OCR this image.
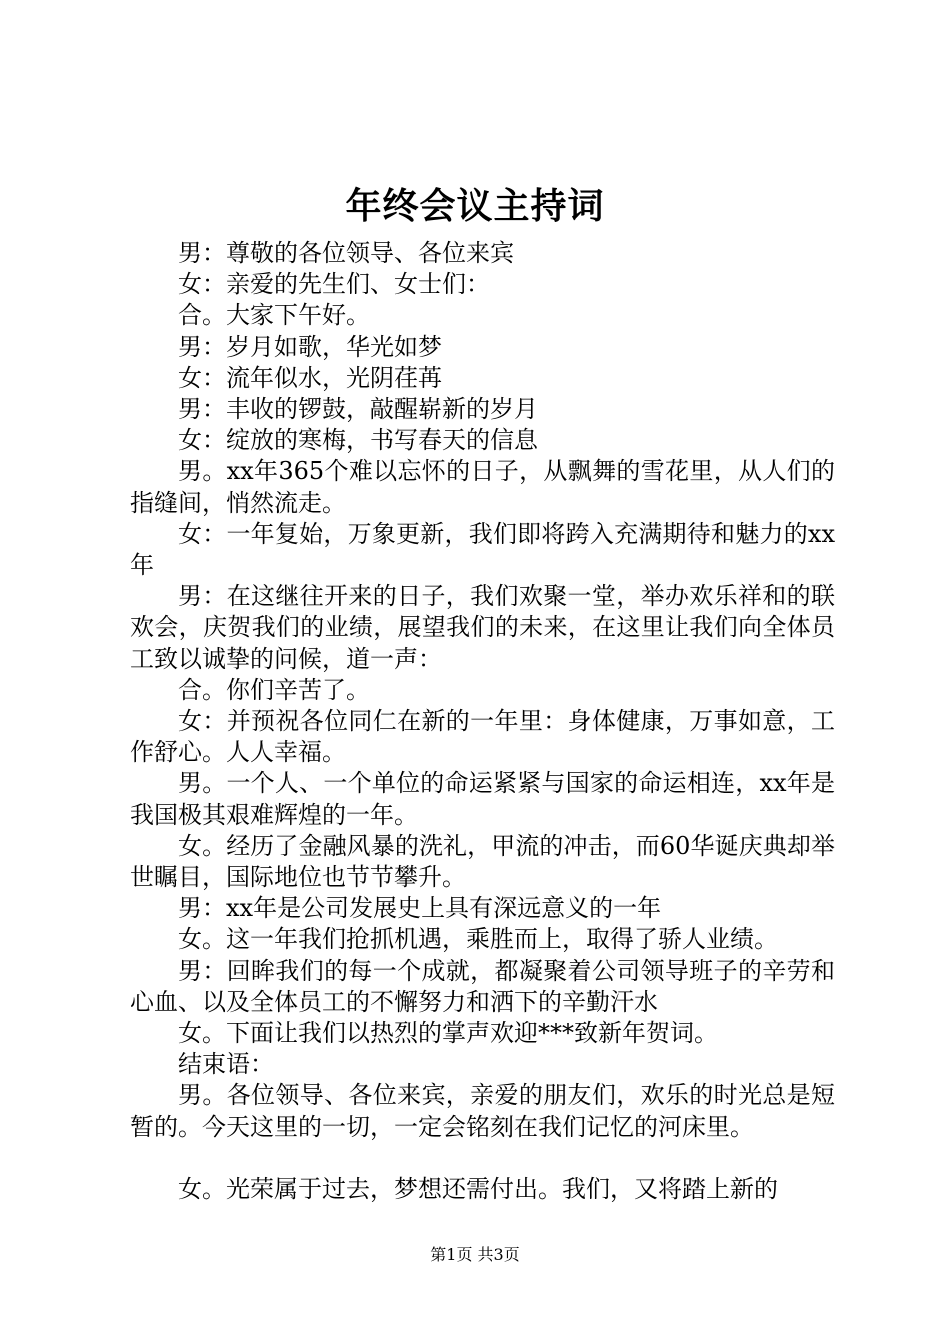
年终会议主持词

男：尊敬的各位领导、各位来宾

女：亲爱的先生们、女士们：

合。大家下午好。

男：岁月如歌，华光如梦

女：流年似水，光阴荏苒

男：丰收的锣鼓，敲醒崭新的岁月

女：绽放的寒梅，书写春天的信息

男。xx年365个难以忘怀的日子，从飘舞的雪花里，从人们的指缝间，悄然流走。

女：一年复始，万象更新，我们即将跨入充满期待和魅力的xx年

男：在这继往开来的日子，我们欢聚一堂，举办欢乐祥和的联欢会，庆贺我们的业绩，展望我们的未来，在这里让我们向全体员工致以诚挚的问候，道一声：

合。你们辛苦了。

女：并预祝各位同仁在新的一年里：身体健康，万事如意，工作舒心。人人幸福。

男。一个人、一个单位的命运紧紧与国家的命运相连，xx年是我国极其艰难辉煌的一年。

女。经历了金融风暴的洗礼，甲流的冲击，而60华诞庆典却举世瞩目，国际地位也节节攀升。

男：xx年是公司发展史上具有深远意义的一年

女。这一年我们抢抓机遇，乘胜而上，取得了骄人业绩。

男：回眸我们的每一个成就，都凝聚着公司领导班子的辛劳和心血、以及全体员工的不懈努力和洒下的辛勤汗水

女。下面让我们以热烈的掌声欢迎***致新年贺词。

结束语：

男。各位领导、各位来宾，亲爱的朋友们，欢乐的时光总是短暂的。今天这里的一切，一定会铭刻在我们记忆的河床里。

女。光荣属于过去，梦想还需付出。我们，又将踏上新的

第1页 共3页
